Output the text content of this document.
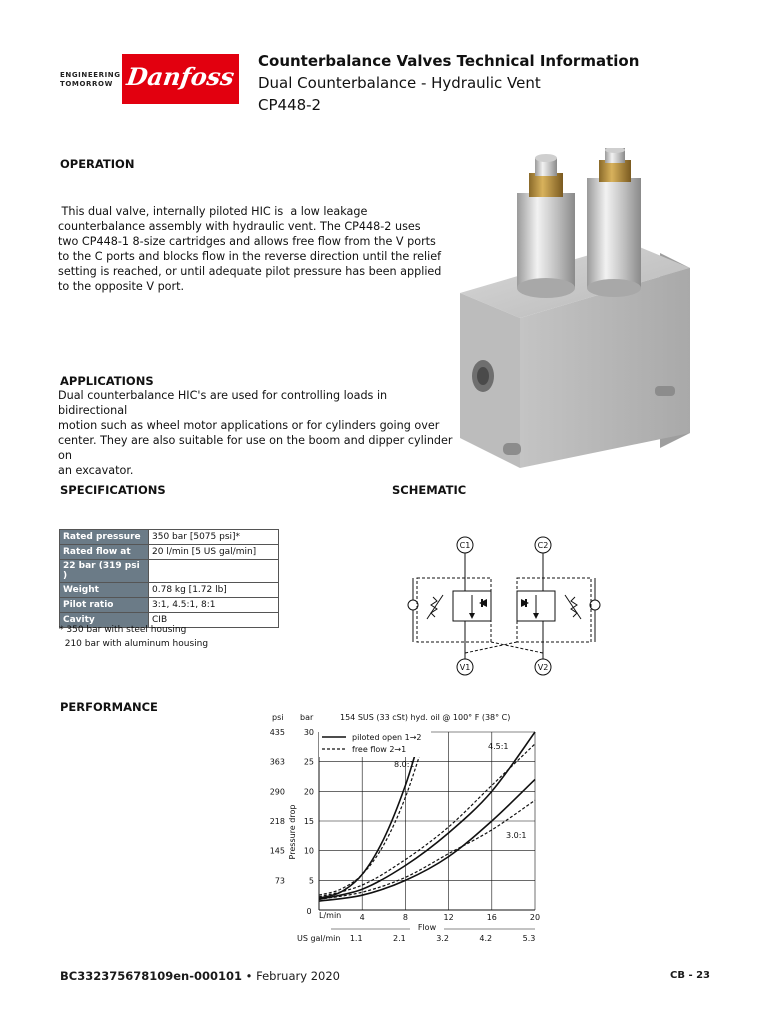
ENGINEERING
TOMORROW Danfoss
Counterbalance Valves Technical Information
Dual Counterbalance - Hydraulic Vent
CP448-2
OPERATION
This dual valve, internally piloted HIC is  a low leakage
counterbalance assembly with hydraulic vent. The CP448-2 uses
two CP448-1 8-size cartridges and allows free flow from the V ports
to the C ports and blocks flow in the reverse direction until the relief
setting is reached, or until adequate pilot pressure has been applied
to the opposite V port.
APPLICATIONS
Dual counterbalance HIC's are used for controlling loads in bidirectional
motion such as wheel motor applications or for cylinders going over
center. They are also suitable for use on the boom and dipper cylinder on
an excavator.
SPECIFICATIONS	SCHEMATIC
Rated pressure	350 bar [5075 psi]*
Rated flow at	20 l/min [5 US gal/min]
22 bar (319 psi )	
Weight	0.78 kg [1.72 lb]
Pilot ratio	3:1, 4.5:1, 8:1
Cavity	CIB
* 350 bar with steel housing
210 bar with aluminum housing
C1	C2
V1	V2
PERFORMANCE
psi bar	154 SUS (33 cSt) hyd. oil @ 100° F (38° C)
Pressure drop
Flow
L/min
US gal/min
0
4
1.1
8
2.1
12
3.2
16
4.2
20
5.3
5
73
10
145
15
218
20
290
25
363
30
435
piloted open 1→2
free flow 2→1
8.0:1
4.5:1
3.0:1
BC332375678109en-000101 • February 2020	CB - 23
